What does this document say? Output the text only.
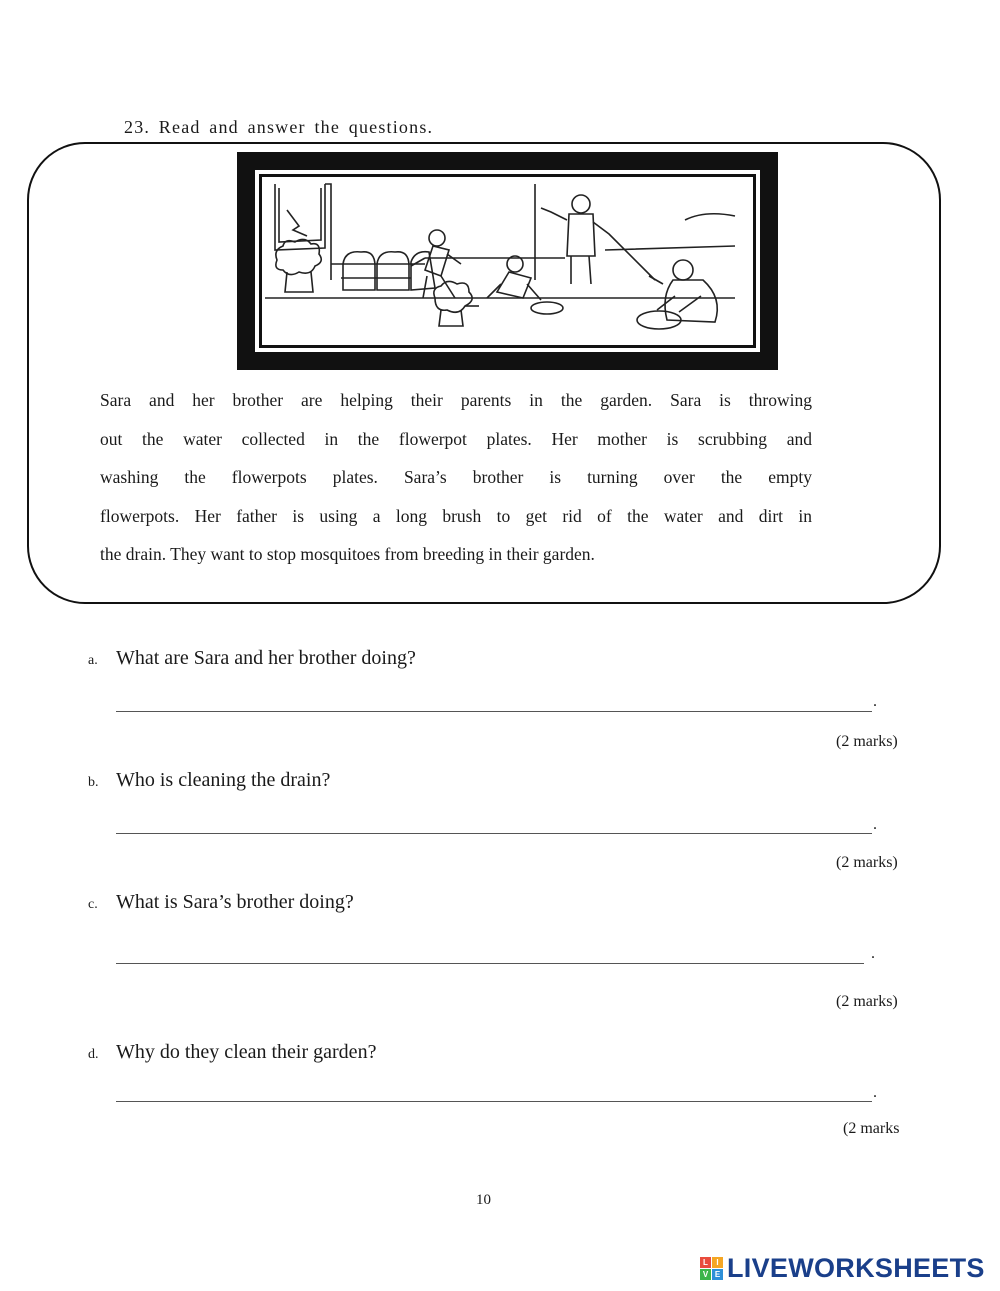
23. Read and answer the questions.
Sara and her brother are helping their parents in the garden. Sara is throwing
out the water collected in the flowerpot plates. Her mother is scrubbing and
washing the flowerpots plates. Sara’s brother is turning over the empty
flowerpots. Her father is using a long brush to get rid of the water and dirt in
the drain. They want to stop mosquitoes from breeding in their garden.
a. What are Sara and her brother doing?
.
(2 marks)
b. Who is cleaning the drain?
.
(2 marks)
c. What is Sara’s brother doing?
.
(2 marks)
d. Why do they clean their garden?
.
(2 marks
10
L	I
V E LIVEWORKSHEETS
